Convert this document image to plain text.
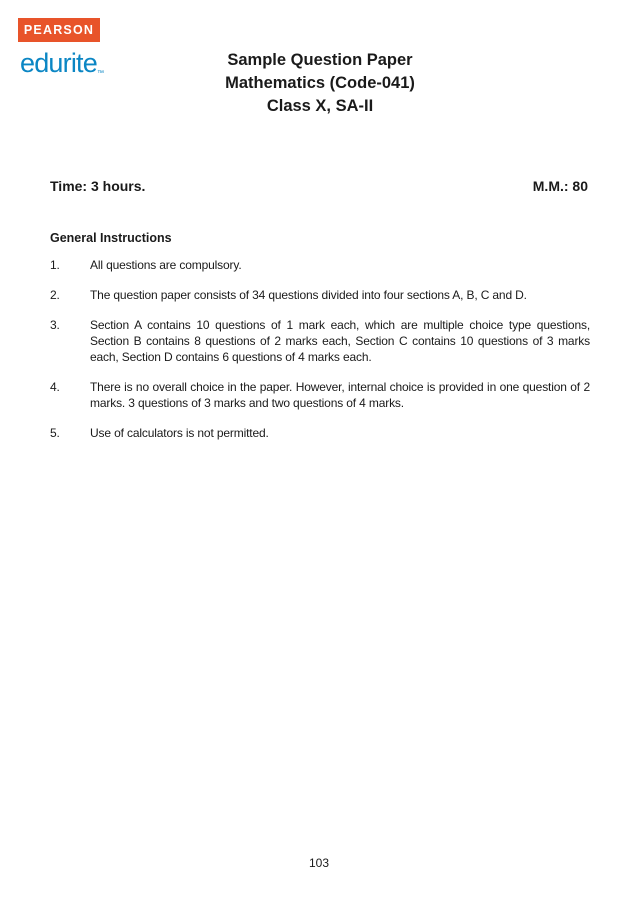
PEARSON
edurite ™
Sample Question Paper
Mathematics (Code-041)
Class X, SA-II
Time: 3 hours.	M.M.: 80
General Instructions
1.	All questions are compulsory.
2.	The question paper consists of 34 questions divided into four sections A, B, C and D.
3.	Section A contains 10 questions of 1 mark each, which are multiple choice type questions, Section B contains 8 questions of 2 marks each, Section C contains 10 questions of 3 marks each, Section D contains 6 questions of 4 marks each.
4.	There is no overall choice in the paper. However, internal choice is provided in one question of 2 marks. 3 questions of 3 marks and two questions of 4 marks.
5.	Use of calculators is not permitted.
103
